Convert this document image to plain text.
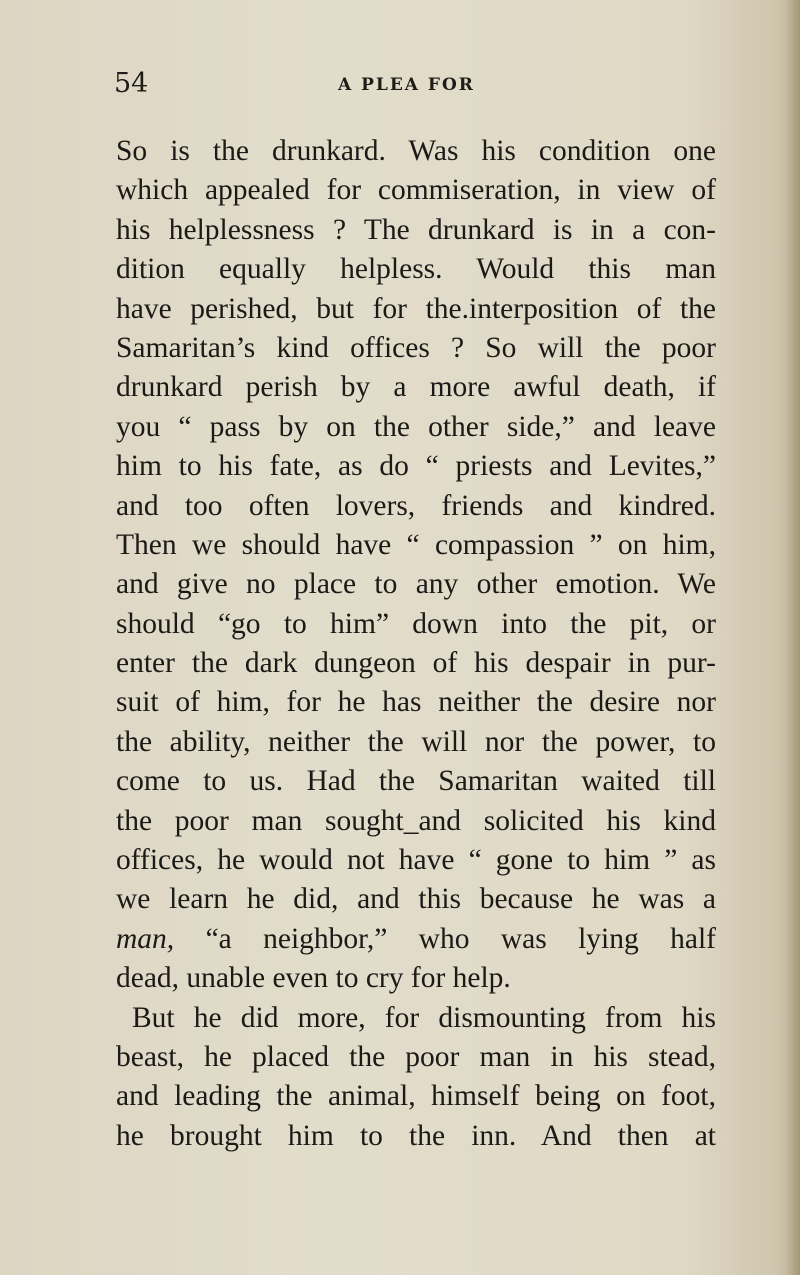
54	A PLEA FOR
So is the drunkard. Was his condition one
which appealed for commiseration, in view of
his helplessness ? The drunkard is in a con-
dition equally helpless. Would this man
have perished, but for the.interposition of the
Samaritan’s kind offices ? So will the poor
drunkard perish by a more awful death, if
you “ pass by on the other side,” and leave
him to his fate, as do “ priests and Levites,”
and too often lovers, friends and kindred.
Then we should have “ compassion ” on him,
and give no place to any other emotion. We
should “go to him” down into the pit, or
enter the dark dungeon of his despair in pur-
suit of him, for he has neither the desire nor
the ability, neither the will nor the power, to
come to us. Had the Samaritan waited till
the poor man sought_and solicited his kind
offices, he would not have “ gone to him ” as
we learn he did, and this because he was a
man, “a neighbor,” who was lying half
dead, unable even to cry for help.
But he did more, for dismounting from his
beast, he placed the poor man in his stead,
and leading the animal, himself being on foot,
he brought him to the inn. And then at
